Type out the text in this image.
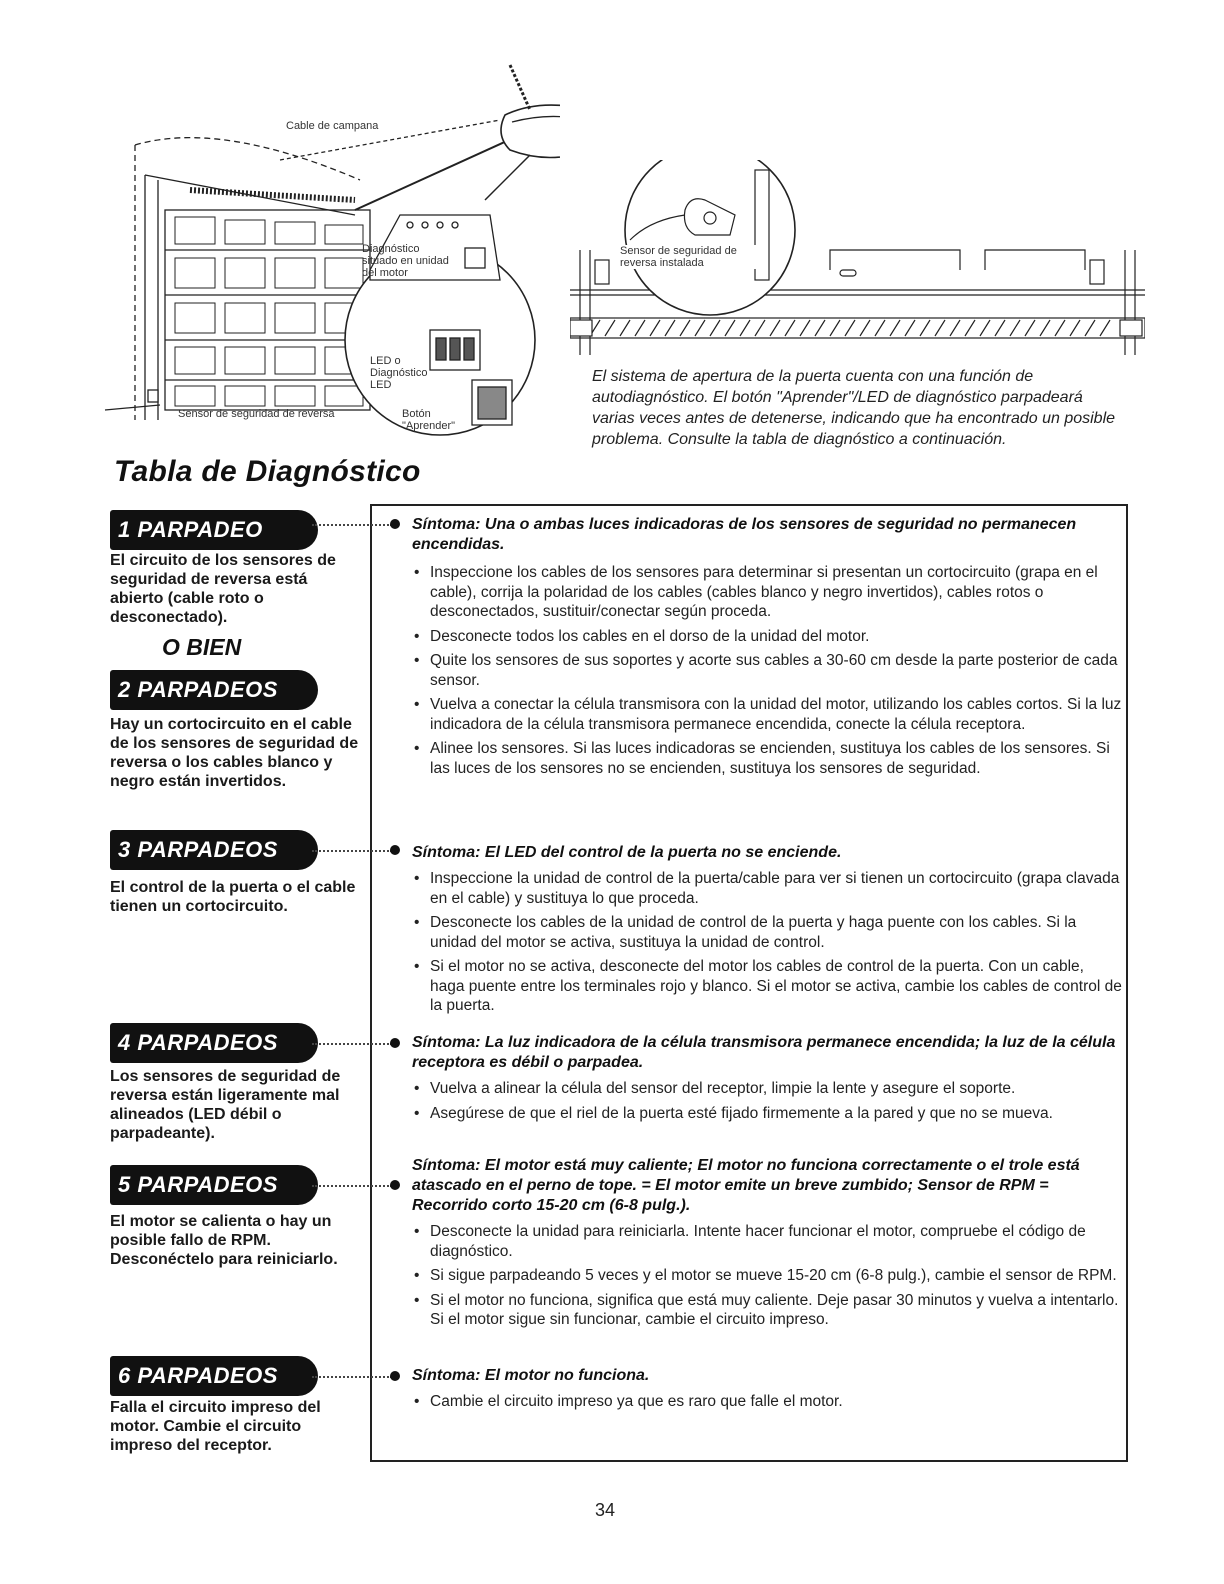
Cable de campana
Diagnóstico situado en unidad del motor
LED o Diagnóstico LED
Botón "Aprender"
Sensor de seguridad de reversa
Sensor de seguridad de reversa instalada
El sistema de apertura de la puerta cuenta con una función de autodiagnóstico. El botón "Aprender"/LED de diagnóstico parpadeará varias veces antes de detenerse, indicando que ha encontrado un posible problema. Consulte la tabla de diagnóstico a continuación.
Tabla de Diagnóstico
1 PARPADEO
El circuito de los sensores de seguridad de reversa está abierto (cable roto o desconectado).
O BIEN
2 PARPADEOS
Hay un cortocircuito en el cable de los sensores de seguridad de reversa o los cables blanco y negro están invertidos.
3 PARPADEOS
El control de la puerta o el cable tienen un cortocircuito.
4 PARPADEOS
Los sensores de seguridad de reversa están ligeramente mal alineados (LED débil o parpadeante).
5 PARPADEOS
El motor se calienta o hay un posible fallo de RPM. Desconéctelo para reiniciarlo.
6 PARPADEOS
Falla el circuito impreso del motor. Cambie el circuito impreso del receptor.
Síntoma: Una o ambas luces indicadoras de los sensores de seguridad no permanecen encendidas.
• Inspeccione los cables de los sensores para determinar si presentan un cortocircuito (grapa en el cable), corrija la polaridad de los cables (cables blanco y negro invertidos), cables rotos o desconectados, sustituir/conectar según proceda.
• Desconecte todos los cables en el dorso de la unidad del motor.
• Quite los sensores de sus soportes y acorte sus cables a 30-60 cm desde la parte posterior de cada sensor.
• Vuelva a conectar la célula transmisora con la unidad del motor, utilizando los cables cortos. Si la luz indicadora de la célula transmisora permanece encendida, conecte la célula receptora.
• Alinee los sensores. Si las luces indicadoras se encienden, sustituya los cables de los sensores. Si las luces de los sensores no se encienden, sustituya los sensores de seguridad.
Síntoma: El LED del control de la puerta no se enciende.
• Inspeccione la unidad de control de la puerta/cable para ver si tienen un cortocircuito (grapa clavada en el cable) y sustituya lo que proceda.
• Desconecte los cables de la unidad de control de la puerta y haga puente con los cables. Si la unidad del motor se activa, sustituya la unidad de control.
• Si el motor no se activa, desconecte del motor los cables de control de la puerta. Con un cable, haga puente entre los terminales rojo y blanco. Si el motor se activa, cambie los cables de control de la puerta.
Síntoma: La luz indicadora de la célula transmisora permanece encendida; la luz de la célula receptora es débil o parpadea.
• Vuelva a alinear la célula del sensor del receptor, limpie la lente y asegure el soporte.
• Asegúrese de que el riel de la puerta esté fijado firmemente a la pared y que no se mueva.
Síntoma: El motor está muy caliente; El motor no funciona correctamente o el trole está atascado en el perno de tope. = El motor emite un breve zumbido; Sensor de RPM = Recorrido corto 15-20 cm (6-8 pulg.).
• Desconecte la unidad para reiniciarla. Intente hacer funcionar el motor, compruebe el código de diagnóstico.
• Si sigue parpadeando 5 veces y el motor se mueve 15-20 cm (6-8 pulg.), cambie el sensor de RPM.
• Si el motor no funciona, significa que está muy caliente. Deje pasar 30 minutos y vuelva a intentarlo. Si el motor sigue sin funcionar, cambie el circuito impreso.
Síntoma: El motor no funciona.
• Cambie el circuito impreso ya que es raro que falle el motor.
34
